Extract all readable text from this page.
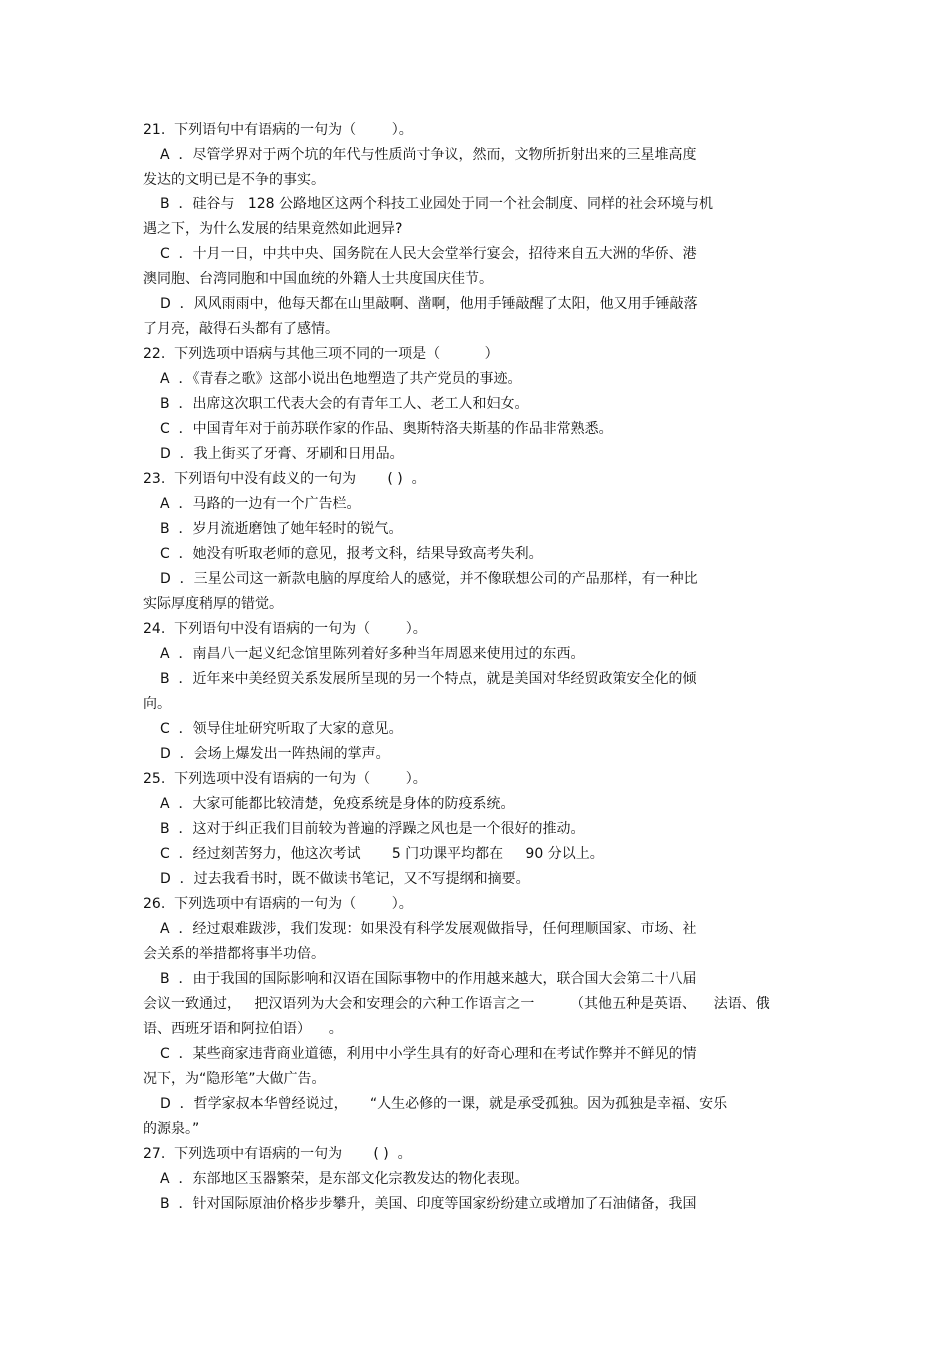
21.  下列语句中有语病的一句为（        ）。
A  ．尽管学界对于两个坑的年代与性质尚寸争议，然而，文物所折射出来的三星堆高度
发达的文明已是不争的事实。
B  ．硅谷与   128 公路地区这两个科技工业园处于同一个社会制度、同样的社会环境与机
遇之下，为什么发展的结果竟然如此迥异?
C  ．十月一日，中共中央、国务院在人民大会堂举行宴会，招待来自五大洲的华侨、港
澳同胞、台湾同胞和中国血统的外籍人士共度国庆佳节。
D  ．风风雨雨中，他每天都在山里敲啊、凿啊，他用手锤敲醒了太阳，他又用手锤敲落
了月亮，敲得石头都有了感情。
22.  下列选项中语病与其他三项不同的一项是（          ）
A  ．《青春之歌》这部小说出色地塑造了共产党员的事迹。
B  ．出席这次职工代表大会的有青年工人、老工人和妇女。
C  ．中国青年对于前苏联作家的作品、奥斯特洛夫斯基的作品非常熟悉。
D  ．我上街买了牙膏、牙刷和日用品。
23.  下列语句中没有歧义的一句为       ( )  。
A  ．马路的一边有一个广告栏。
B  ．岁月流逝磨蚀了她年轻时的锐气。
C  ．她没有听取老师的意见，报考文科，结果导致高考失利。
D  ．三星公司这一新款电脑的厚度给人的感觉，并不像联想公司的产品那样，有一种比
实际厚度稍厚的错觉。
24.  下列语句中没有语病的一句为（        ）。
A  ．南昌八一起义纪念馆里陈列着好多种当年周恩来使用过的东西。
B  ．近年来中美经贸关系发展所呈现的另一个特点，就是美国对华经贸政策安全化的倾
向。
C  ．领导住址研究听取了大家的意见。
D  ．会场上爆发出一阵热闹的掌声。
25.  下列选项中没有语病的一句为（        ）。
A  ．大家可能都比较清楚，免疫系统是身体的防疫系统。
B  ．这对于纠正我们目前较为普遍的浮躁之风也是一个很好的推动。
C  ．经过刻苦努力，他这次考试       5 门功课平均都在     90 分以上。
D  ．过去我看书时，既不做读书笔记，又不写提纲和摘要。
26.  下列选项中有语病的一句为（        ）。
A  ．经过艰难跋涉，我们发现：如果没有科学发展观做指导，任何理顺国家、市场、社
会关系的举措都将事半功倍。
B  ．由于我国的国际影响和汉语在国际事物中的作用越来越大，联合国大会第二十八届
会议一致通过，   把汉语列为大会和安理会的六种工作语言之一        （其他五种是英语、    法语、俄
语、西班牙语和阿拉伯语）    。
C  ．某些商家违背商业道德，利用中小学生具有的好奇心理和在考试作弊并不鲜见的情
况下，为“隐形笔”大做广告。
D  ．哲学家叔本华曾经说过，     “人生必修的一课，就是承受孤独。因为孤独是幸福、安乐
的源泉。”
27.  下列选项中有语病的一句为       ( )  。
A  ．东部地区玉器繁荣，是东部文化宗教发达的物化表现。
B  ．针对国际原油价格步步攀升，美国、印度等国家纷纷建立或增加了石油储备，我国
